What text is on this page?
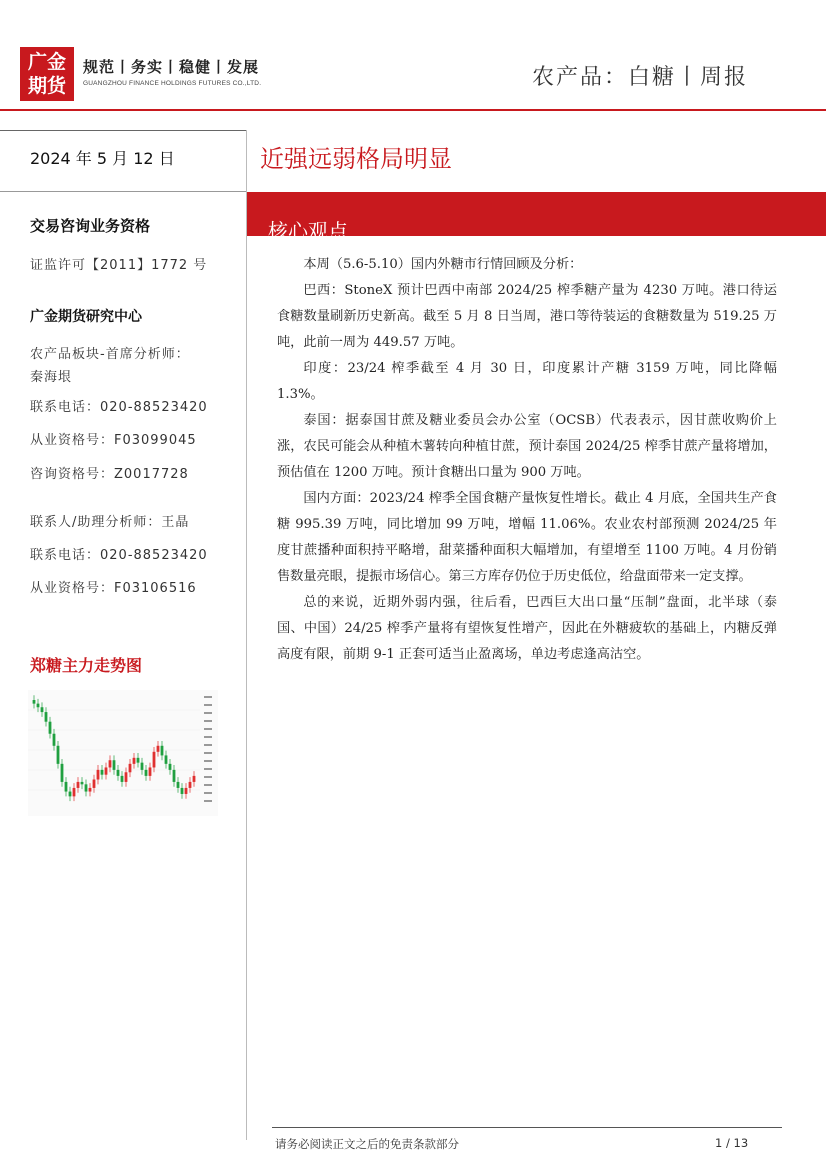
广金
期货
规范丨务实丨稳健丨发展
GUANGZHOU FINANCE HOLDINGS FUTURES CO.,LTD.	农产品：白糖丨周报
2024 年 5 月 12 日
交易咨询业务资格
证监许可【2011】1772 号
广金期货研究中心
农产品板块-首席分析师：
秦海垠
联系电话：020-88523420
从业资格号：F03099045
咨询资格号：Z0017728
联系人/助理分析师：王晶
联系电话：020-88523420
从业资格号：F03106516
郑糖主力走势图
近强远弱格局明显
核心观点

本周（5.6-5.10）国内外糖市行情回顾及分析：

巴西：StoneX 预计巴西中南部 2024/25 榨季糖产量为 4230 万吨。港口待运食糖数量刷新历史新高。截至 5 月 8 日当周，港口等待装运的食糖数量为 519.25 万吨，此前一周为 449.57 万吨。

印度：23/24 榨季截至 4 月 30 日，印度累计产糖 3159 万吨，同比降幅 1.3%。

泰国：据泰国甘蔗及糖业委员会办公室（OCSB）代表表示，因甘蔗收购价上涨，农民可能会从种植木薯转向种植甘蔗，预计泰国 2024/25 榨季甘蔗产量将增加，预估值在 1200 万吨。预计食糖出口量为 900 万吨。

国内方面：2023/24 榨季全国食糖产量恢复性增长。截止 4 月底，全国共生产食糖 995.39 万吨，同比增加 99 万吨，增幅 11.06%。农业农村部预测 2024/25 年度甘蔗播种面积持平略增，甜菜播种面积大幅增加，有望增至 1100 万吨。4 月份销售数量亮眼，提振市场信心。第三方库存仍位于历史低位，给盘面带来一定支撑。

总的来说，近期外弱内强，往后看，巴西巨大出口量“压制”盘面，北半球（泰国、中国）24/25 榨季产量将有望恢复性增产，因此在外糖疲软的基础上，内糖反弹高度有限，前期 9-1 正套可适当止盈离场，单边考虑逢高沽空。

请务必阅读正文之后的免责条款部分	1 / 13
